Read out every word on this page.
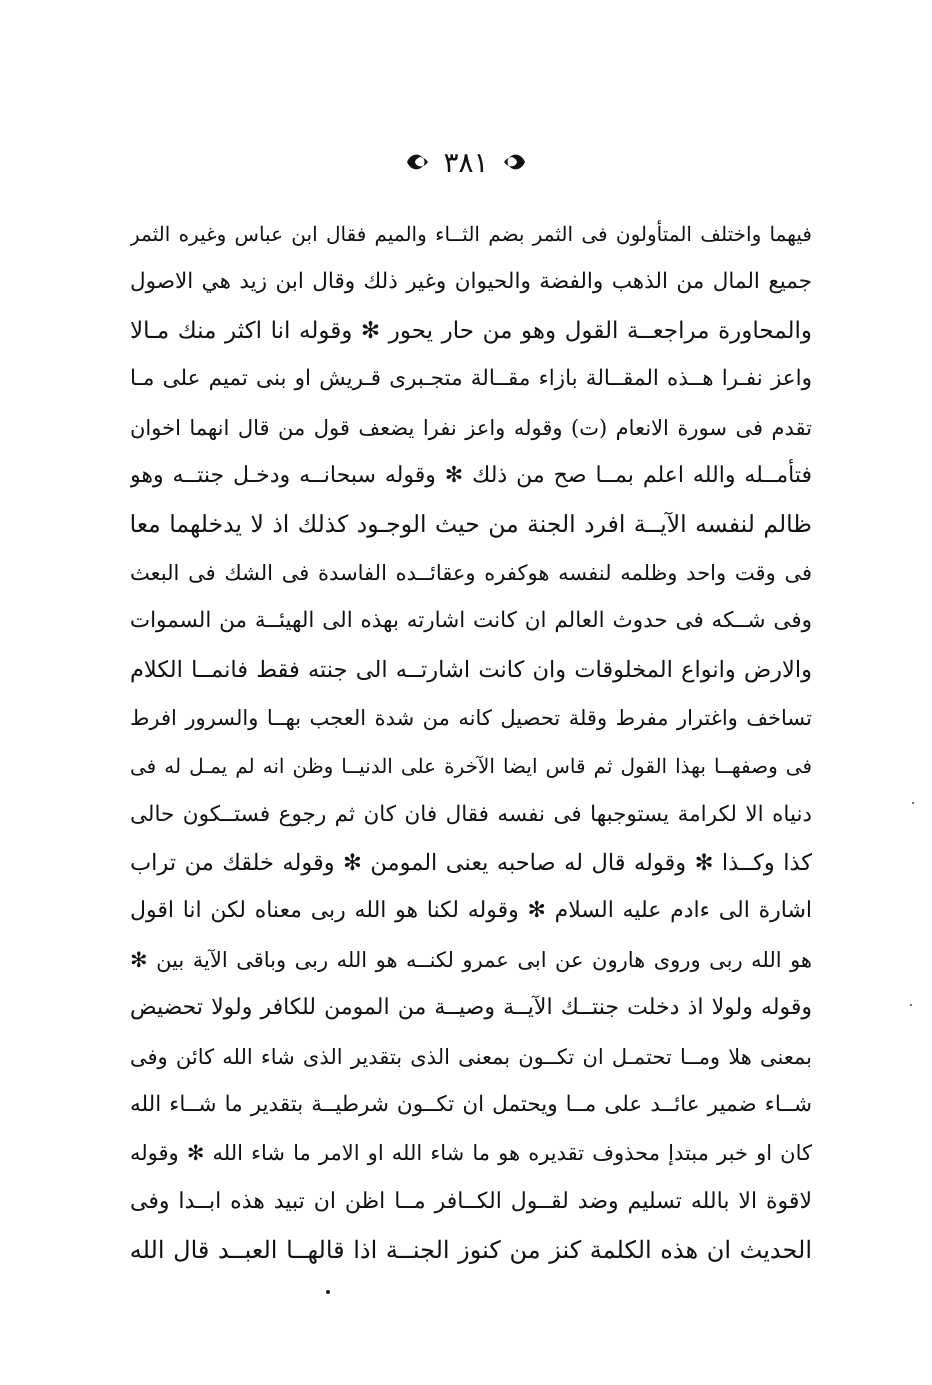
٣٨١
فيهما واختلف المتأولون فى الثمر بضم الثــاء والميم فقال ابن عباس وغيره الثمر
جميع المال من الذهب والفضة والحيوان وغير ذلك وقال ابن زيد هي الاصول
والمحاورة مراجعــة القول وهو من حار يحور ✻ وقوله انا اكثر منك مـالا
واعز نفـرا هــذه المقــالة بازاء مقــالة متجـبرى قـريش او بنى تميم على مـا
تقدم فى سورة الانعام (ت) وقوله واعز نفرا يضعف قول من قال انهما اخوان
فتأمــله والله اعلم بمــا صح من ذلك ✻ وقوله سبحانــه ودخـل جنتــه وهو
ظالم لنفسه الآيــة افرد الجنة من حيث الوجـود كذلك اذ لا يدخلهما معا
فى وقت واحد وظلمه لنفسه هوكفره وعقائــده الفاسدة فى الشك فى البعث
وفى شــكه فى حدوث العالم ان كانت اشارته بهذه الى الهيئــة من السموات
والارض وانواع المخلوقات وان كانت اشارتــه الى جنته فقط فانمــا الكلام
تساخف واغترار مفرط وقلة تحصيل كانه من شدة العجب بهــا والسرور افرط
فى وصفهــا بهذا القول ثم قاس ايضا الآخرة على الدنيــا وظن انه لم يمـل له فى
دنياه الا لكرامة يستوجبها فى نفسه فقال فان كان ثم رجوع فستــكون حالى
كذا وكــذا ✻ وقوله قال له صاحبه يعنى المومن ✻ وقوله خلقك من تراب
اشارة الى ءادم عليه السلام ✻ وقوله لكنا هو الله ربى معناه لكن انا اقول
هو الله ربى وروى هارون عن ابى عمرو لكنــه هو الله ربى وباقى الآية بين ✻
وقوله ولولا اذ دخلت جنتــك الآيــة وصيــة من المومن للكافر ولولا تحضيض
بمعنى هلا ومــا تحتمـل ان تكــون بمعنى الذى بتقدير الذى شاء الله كائن وفى
شــاء ضمير عائــد على مــا ويحتمل ان تكــون شرطيــة بتقدير ما شــاء الله
كان او خبر مبتدإ محذوف تقديره هو ما شاء الله او الامر ما شاء الله ✻ وقوله
لاقوة الا بالله تسليم وضد لقــول الكــافر مــا اظن ان تبيد هذه ابــدا وفى
الحديث ان هذه الكلمة كنز من كنوز الجنــة اذا قالهــا العبــد قال الله
